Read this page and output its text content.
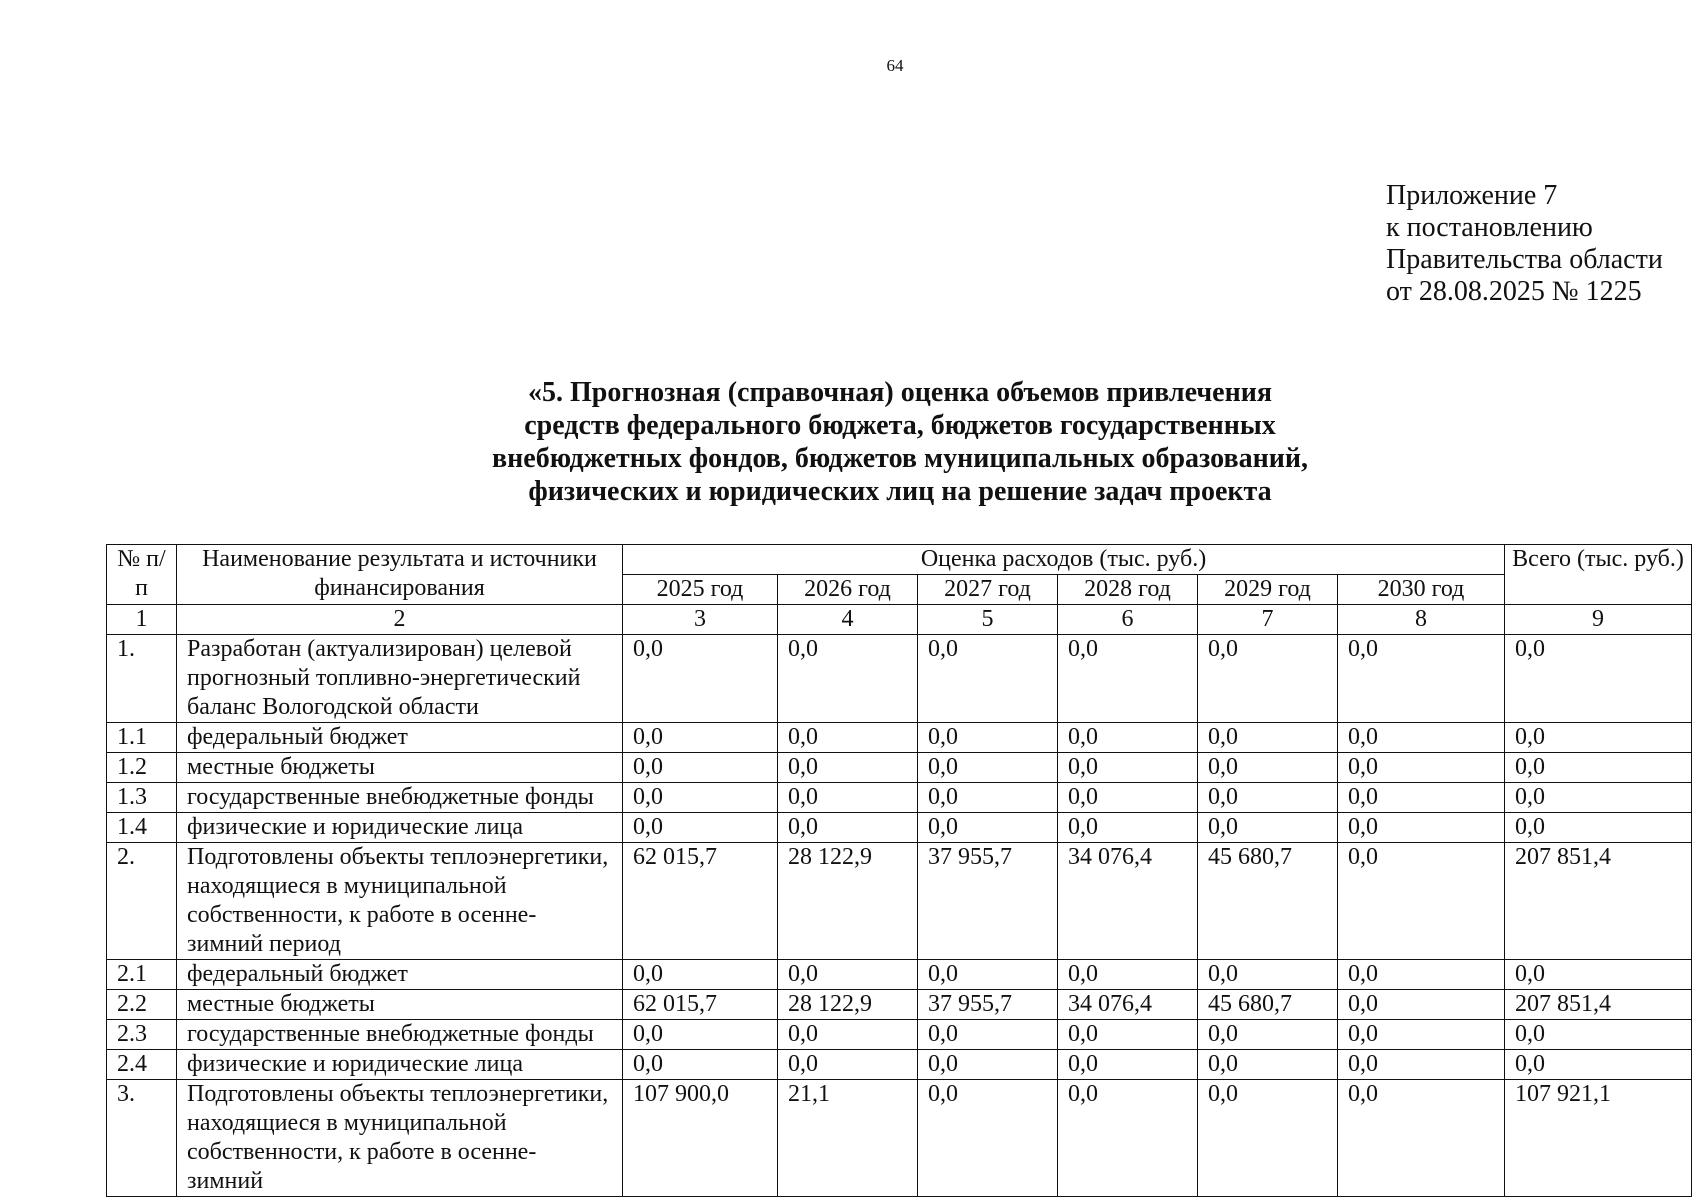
64
Приложение 7
к постановлению
Правительства области
от 28.08.2025 № 1225
«5. Прогнозная (справочная) оценка объемов привлечения
средств федерального бюджета, бюджетов государственных
внебюджетных фондов, бюджетов муниципальных образований,
физических и юридических лиц на решение задач проекта
№ п/п	Наименование результата и источники финансирования	Оценка расходов (тыс. руб.)						Всего (тыс. руб.)
		2025 год	2026 год	2027 год	2028 год	2029 год	2030 год	
1	2	3	4	5	6	7	8	9
1.	Разработан (актуализирован) целевой прогнозный топливно-энергетический баланс Вологодской области	0,0	0,0	0,0	0,0	0,0	0,0	0,0
1.1	федеральный бюджет	0,0	0,0	0,0	0,0	0,0	0,0	0,0
1.2	местные бюджеты	0,0	0,0	0,0	0,0	0,0	0,0	0,0
1.3	государственные внебюджетные фонды	0,0	0,0	0,0	0,0	0,0	0,0	0,0
1.4	физические и юридические лица	0,0	0,0	0,0	0,0	0,0	0,0	0,0
2.	Подготовлены объекты теплоэнергетики, находящиеся в муниципальной собственности, к работе в осенне-зимний период	62 015,7	28 122,9	37 955,7	34 076,4	45 680,7	0,0	207 851,4
2.1	федеральный бюджет	0,0	0,0	0,0	0,0	0,0	0,0	0,0
2.2	местные бюджеты	62 015,7	28 122,9	37 955,7	34 076,4	45 680,7	0,0	207 851,4
2.3	государственные внебюджетные фонды	0,0	0,0	0,0	0,0	0,0	0,0	0,0
2.4	физические и юридические лица	0,0	0,0	0,0	0,0	0,0	0,0	0,0
3.	Подготовлены объекты теплоэнергетики, находящиеся в муниципальной собственности, к работе в осенне-зимний	107 900,0	21,1	0,0	0,0	0,0	0,0	107 921,1
